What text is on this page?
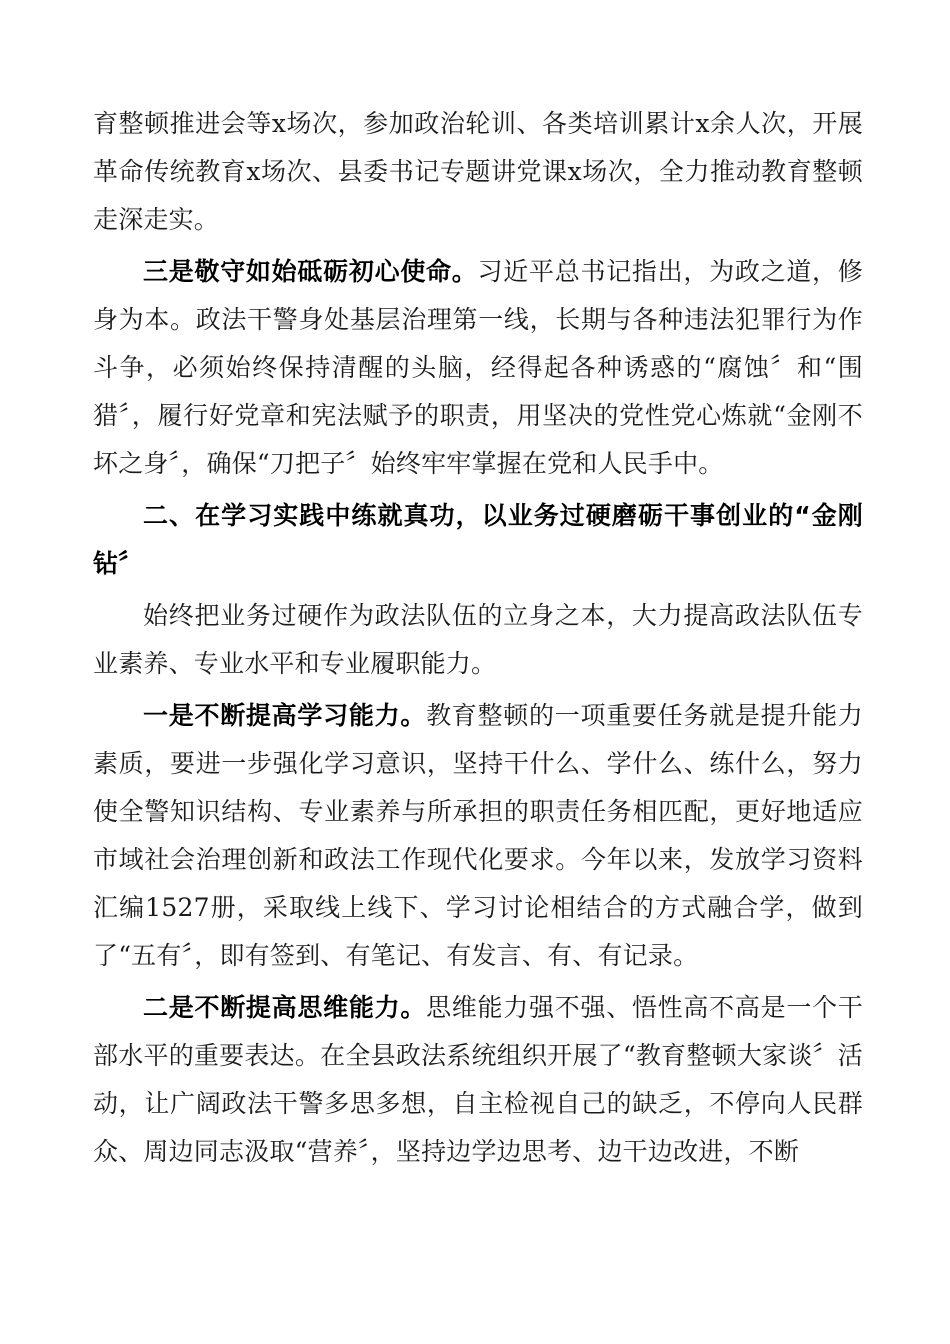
育整顿推进会等x场次，参加政治轮训、各类培训累计x余人次，开展革命传统教育x场次、县委书记专题讲党课x场次，全力推动教育整顿走深走实。

三是敬守如始砥砺初心使命。习近平总书记指出，为政之道，修身为本。政法干警身处基层治理第一线，长期与各种违法犯罪行为作斗争，必须始终保持清醒的头脑，经得起各种诱惑的“腐蚀〞和“围猎〞，履行好党章和宪法赋予的职责，用坚决的党性党心炼就“金刚不坏之身〞，确保“刀把子〞始终牢牢掌握在党和人民手中。

二、在学习实践中练就真功，以业务过硬磨砺干事创业的“金刚钻〞

始终把业务过硬作为政法队伍的立身之本，大力提高政法队伍专业素养、专业水平和专业履职能力。

一是不断提高学习能力。教育整顿的一项重要任务就是提升能力素质，要进一步强化学习意识，坚持干什么、学什么、练什么，努力使全警知识结构、专业素养与所承担的职责任务相匹配，更好地适应市域社会治理创新和政法工作现代化要求。今年以来，发放学习资料汇编1527册，采取线上线下、学习讨论相结合的方式融合学，做到了“五有〞，即有签到、有笔记、有发言、有、有记录。

二是不断提高思维能力。思维能力强不强、悟性高不高是一个干部水平的重要表达。在全县政法系统组织开展了“教育整顿大家谈〞活动，让广阔政法干警多思多想，自主检视自己的缺乏，不停向人民群众、周边同志汲取“营养〞，坚持边学边思考、边干边改进，不断
